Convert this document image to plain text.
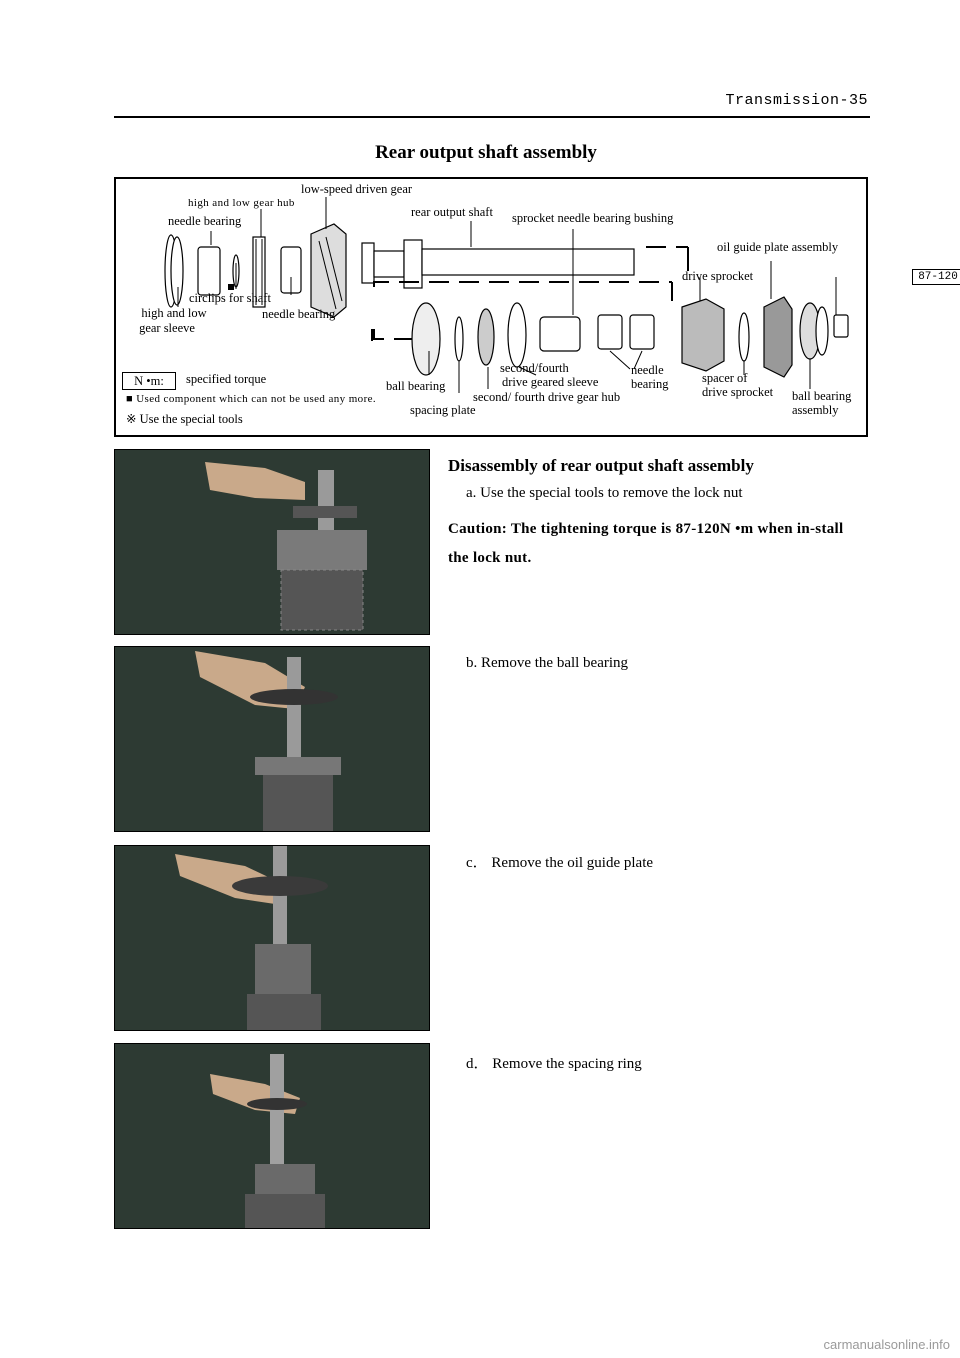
Transmission-35
Rear output shaft assembly
low-speed driven gear
high and low gear hub
needle bearing
rear output shaft sprocket needle bearing bushing
oil guide plate assembly
drive sprocket	87-120
circlips for shaft
high and low
gear sleeve
needle bearing
second/fourth
drive geared sleeve
needle
bearing	spacer of
drive sprocket
ball bearing
second/ fourth drive gear hub	ball bearing
assembly
spacing plate
N •m:	specified torque
■ Used component which can not be used any more.
※ Use the special tools
Disassembly of rear output shaft assembly
a. Use the special tools to remove the lock nut
Caution: The tightening torque is 87-120N •m when in-stall the lock nut.
b. Remove the ball bearing
c． Remove the oil guide plate
d． Remove the spacing ring
carmanualsonline.info
